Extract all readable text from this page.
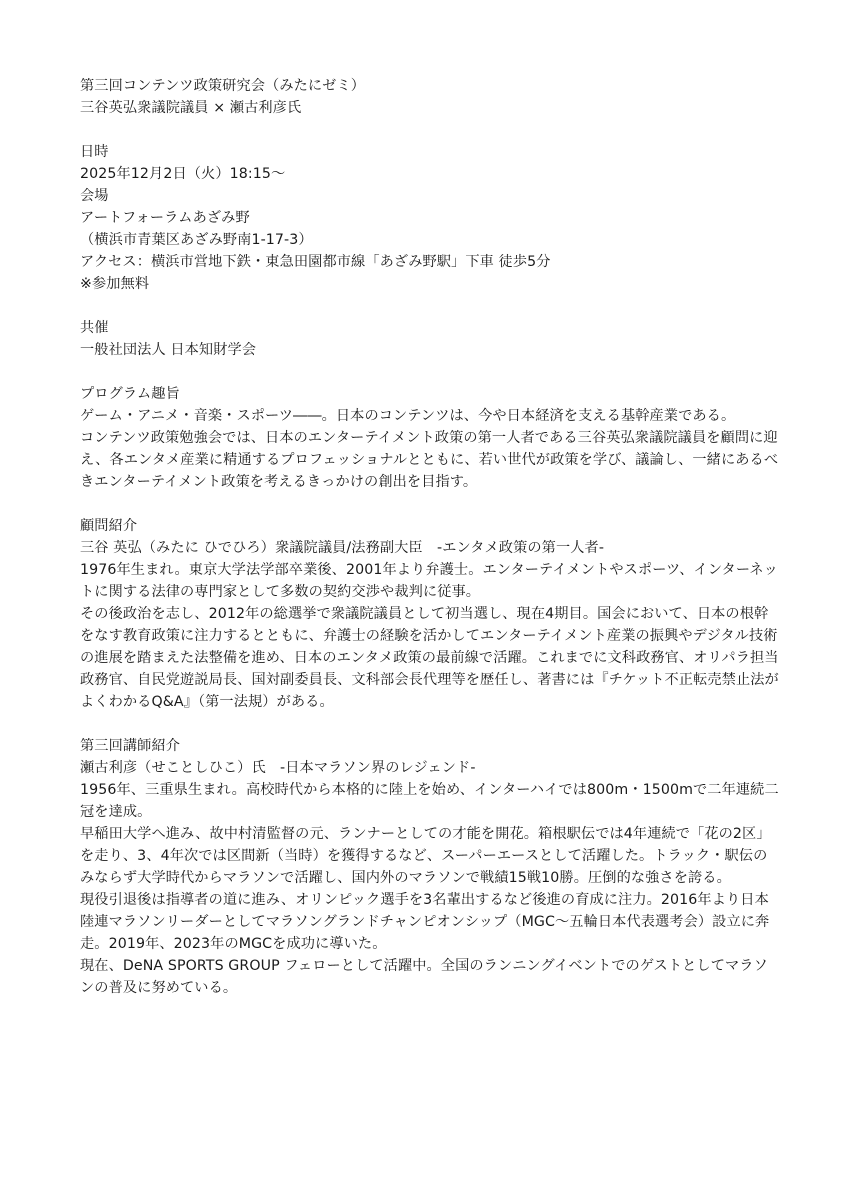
第三回コンテンツ政策研究会（みたにゼミ）
三谷英弘衆議院議員 × 瀬古利彦氏
日時
2025年12月2日（火）18:15〜
会場
アートフォーラムあざみ野
（横浜市青葉区あざみ野南1-17-3）
アクセス：横浜市営地下鉄・東急田園都市線「あざみ野駅」下車 徒歩5分
※参加無料
共催
一般社団法人 日本知財学会
プログラム趣旨
ゲーム・アニメ・音楽・スポーツ――。日本のコンテンツは、今や日本経済を支える基幹産業である。
コンテンツ政策勉強会では、日本のエンターテイメント政策の第一人者である三谷英弘衆議院議員を顧問に迎え、各エンタメ産業に精通するプロフェッショナルとともに、若い世代が政策を学び、議論し、一緒にあるべきエンターテイメント政策を考えるきっかけの創出を目指す。
顧問紹介
三谷 英弘（みたに ひでひろ）衆議院議員/法務副大臣　-エンタメ政策の第一人者-
1976年生まれ。東京大学法学部卒業後、2001年より弁護士。エンターテイメントやスポーツ、インターネットに関する法律の専門家として多数の契約交渉や裁判に従事。
その後政治を志し、2012年の総選挙で衆議院議員として初当選し、現在4期目。国会において、日本の根幹をなす教育政策に注力するとともに、弁護士の経験を活かしてエンターテイメント産業の振興やデジタル技術の進展を踏まえた法整備を進め、日本のエンタメ政策の最前線で活躍。これまでに文科政務官、オリパラ担当政務官、自民党遊説局長、国対副委員長、文科部会長代理等を歴任し、著書には『チケット不正転売禁止法がよくわかるQ&A』（第一法規）がある。
第三回講師紹介
瀬古利彦（せことしひこ）氏　-日本マラソン界のレジェンド-
1956年、三重県生まれ。高校時代から本格的に陸上を始め、インターハイでは800m・1500mで二年連続二冠を達成。
早稲田大学へ進み、故中村清監督の元、ランナーとしての才能を開花。箱根駅伝では4年連続で「花の2区」を走り、3、4年次では区間新（当時）を獲得するなど、スーパーエースとして活躍した。トラック・駅伝のみならず大学時代からマラソンで活躍し、国内外のマラソンで戦績15戦10勝。圧倒的な強さを誇る。
現役引退後は指導者の道に進み、オリンピック選手を3名輩出するなど後進の育成に注力。2016年より日本陸連マラソンリーダーとしてマラソングランドチャンピオンシップ（MGC〜五輪日本代表選考会）設立に奔走。2019年、2023年のMGCを成功に導いた。
現在、DeNA SPORTS GROUP フェローとして活躍中。全国のランニングイベントでのゲストとしてマラソンの普及に努めている。
